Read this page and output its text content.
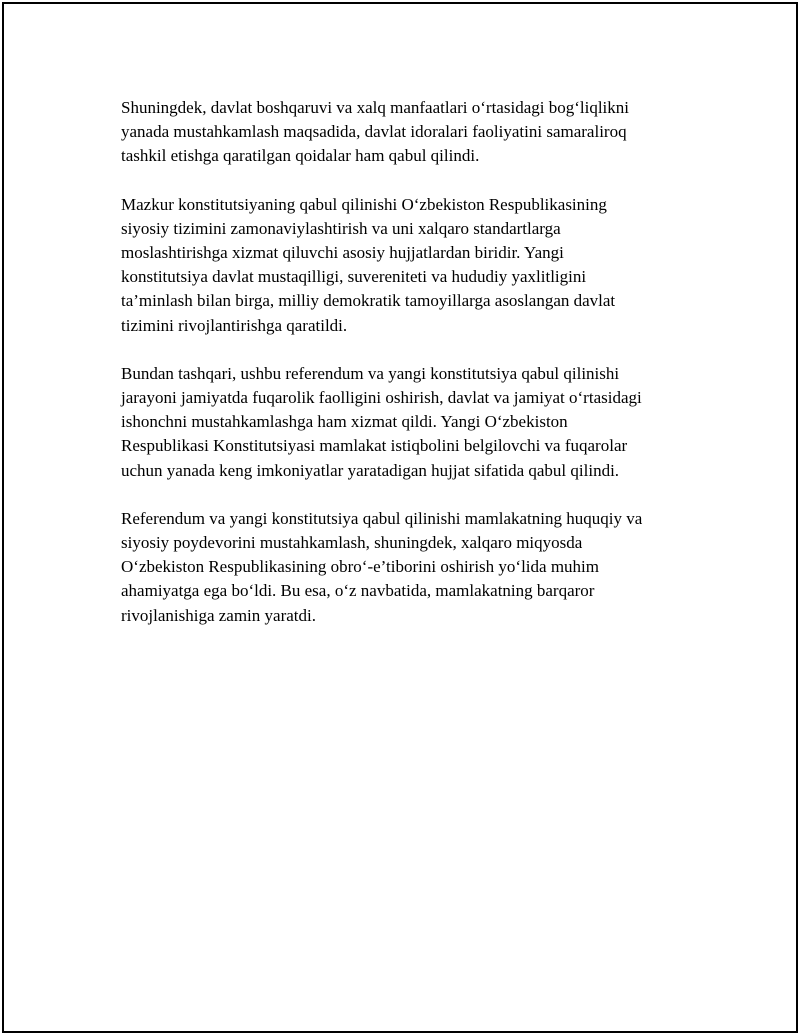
Shuningdek, davlat boshqaruvi va xalq manfaatlari o‘rtasidagi bog‘liqlikni
yanada mustahkamlash maqsadida, davlat idoralari faoliyatini samaraliroq
tashkil etishga qaratilgan qoidalar ham qabul qilindi.

Mazkur konstitutsiyaning qabul qilinishi O‘zbekiston Respublikasining
siyosiy tizimini zamonaviylashtirish va uni xalqaro standartlarga
moslashtirishga xizmat qiluvchi asosiy hujjatlardan biridir. Yangi
konstitutsiya davlat mustaqilligi, suvereniteti va hududiy yaxlitligini
ta’minlash bilan birga, milliy demokratik tamoyillarga asoslangan davlat
tizimini rivojlantirishga qaratildi.

Bundan tashqari, ushbu referendum va yangi konstitutsiya qabul qilinishi
jarayoni jamiyatda fuqarolik faolligini oshirish, davlat va jamiyat o‘rtasidagi
ishonchni mustahkamlashga ham xizmat qildi. Yangi O‘zbekiston
Respublikasi Konstitutsiyasi mamlakat istiqbolini belgilovchi va fuqarolar
uchun yanada keng imkoniyatlar yaratadigan hujjat sifatida qabul qilindi.

Referendum va yangi konstitutsiya qabul qilinishi mamlakatning huquqiy va
siyosiy poydevorini mustahkamlash, shuningdek, xalqaro miqyosda
O‘zbekiston Respublikasining obro‘-e’tiborini oshirish yo‘lida muhim
ahamiyatga ega bo‘ldi. Bu esa, o‘z navbatida, mamlakatning barqaror
rivojlanishiga zamin yaratdi.
